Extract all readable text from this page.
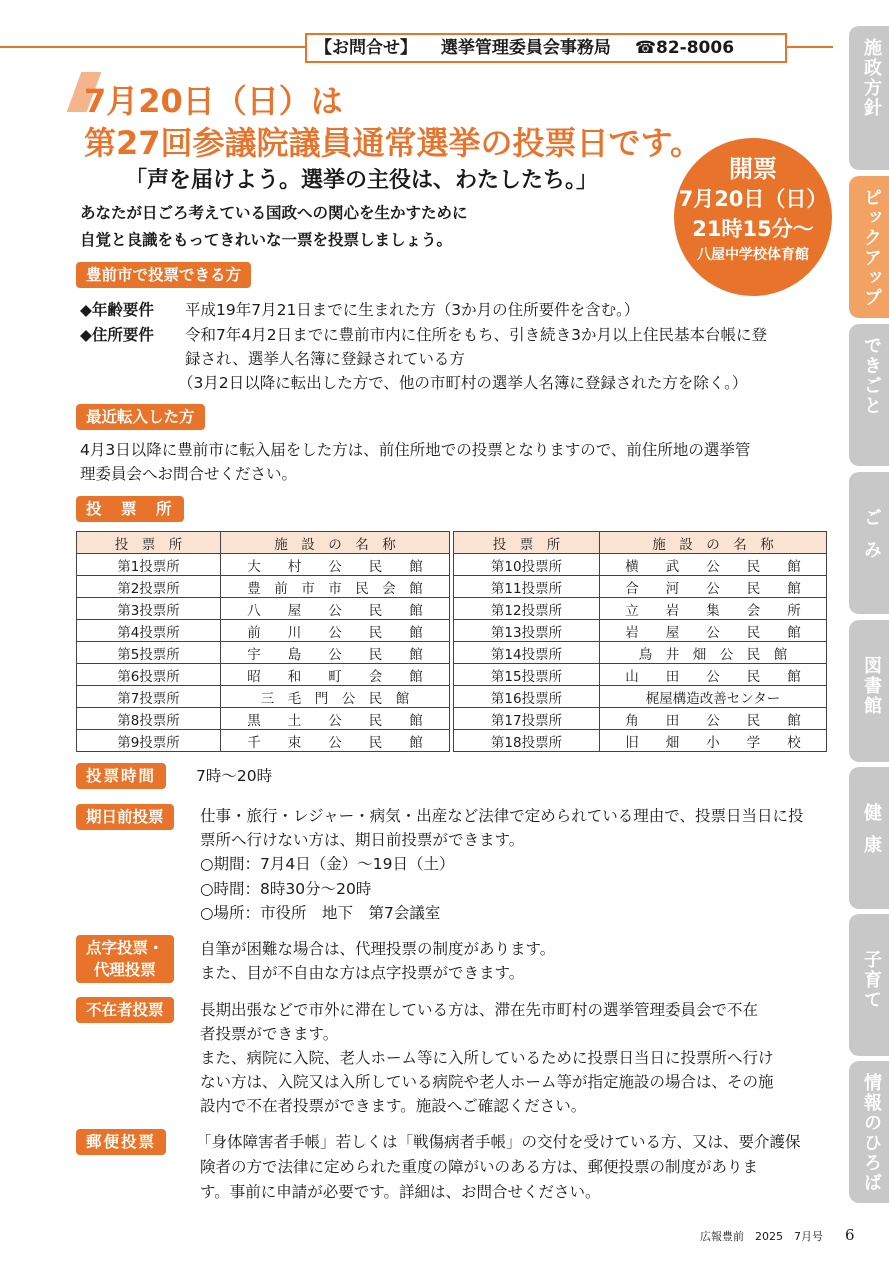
【お問合せ】 選挙管理委員会事務局 ☎82-8006
7月20日（日）は
第27回参議院議員通常選挙の投票日です。
開票
7月20日（日）
21時15分～
八屋中学校体育館
「声を届けよう。選挙の主役は、わたしたち。」
あなたが日ごろ考えている国政への関心を生かすために
自覚と良識をもってきれいな一票を投票しましょう。
豊前市で投票できる方
◆年齢要件 平成19年7月21日までに生まれた方（3か月の住所要件を含む。）
◆住所要件 令和7年4月2日までに豊前市内に住所をもち、引き続き3か月以上住民基本台帳に登
録され、選挙人名簿に登録されている方
（3月2日以降に転出した方で、他の市町村の選挙人名簿に登録された方を除く。）
最近転入した方
4月3日以降に豊前市に転入届をした方は、前住所地での投票となりますので、前住所地の選挙管
理委員会へお問合せください。
投　票　所
投　票　所	施　設　の　名　称
第1投票所	大　　村　　公　　民　　館
第2投票所	豊　前　市　市　民　会　館
第3投票所	八　　屋　　公　　民　　館
第4投票所	前　　川　　公　　民　　館
第5投票所	宇　　島　　公　　民　　館
第6投票所	昭　　和　　町　　会　　館
第7投票所	三　毛　門　公　民　館
第8投票所	黒　　土　　公　　民　　館
第9投票所	千　　束　　公　　民　　館
投　票　所	施　設　の　名　称
第10投票所	横　　武　　公　　民　　館
第11投票所	合　　河　　公　　民　　館
第12投票所	立　　岩　　集　　会　　所
第13投票所	岩　　屋　　公　　民　　館
第14投票所	鳥　井　畑　公　民　館
第15投票所	山　　田　　公　　民　　館
第16投票所	梶屋構造改善センター
第17投票所	角　　田　　公　　民　　館
第18投票所	旧　　畑　　小　　学　　校
投票時間	7時～20時
期日前投票	仕事・旅行・レジャー・病気・出産など法律で定められている理由で、投票日当日に投
票所へ行けない方は、期日前投票ができます。
○期間：7月4日（金）～19日（土）
○時間：8時30分～20時
○場所：市役所　地下　第7会議室
点字投票・
代理投票
自筆が困難な場合は、代理投票の制度があります。
また、目が不自由な方は点字投票ができます。
不在者投票	長期出張などで市外に滞在している方は、滞在先市町村の選挙管理委員会で不在
者投票ができます。
また、病院に入院、老人ホーム等に入所しているために投票日当日に投票所へ行け
ない方は、入院又は入所している病院や老人ホーム等が指定施設の場合は、その施
設内で不在者投票ができます。施設へご確認ください。
郵便投票	「身体障害者手帳」若しくは「戦傷病者手帳」の交付を受けている方、又は、要介護保
険者の方で法律に定められた重度の障がいのある方は、郵便投票の制度がありま
す。事前に申請が必要です。詳細は、お問合せください。
施政方針
ピックアップ
できごと
ごみ
図書館
健康
子育て
情報のひろば
広報豊前　2025　7月号 6
